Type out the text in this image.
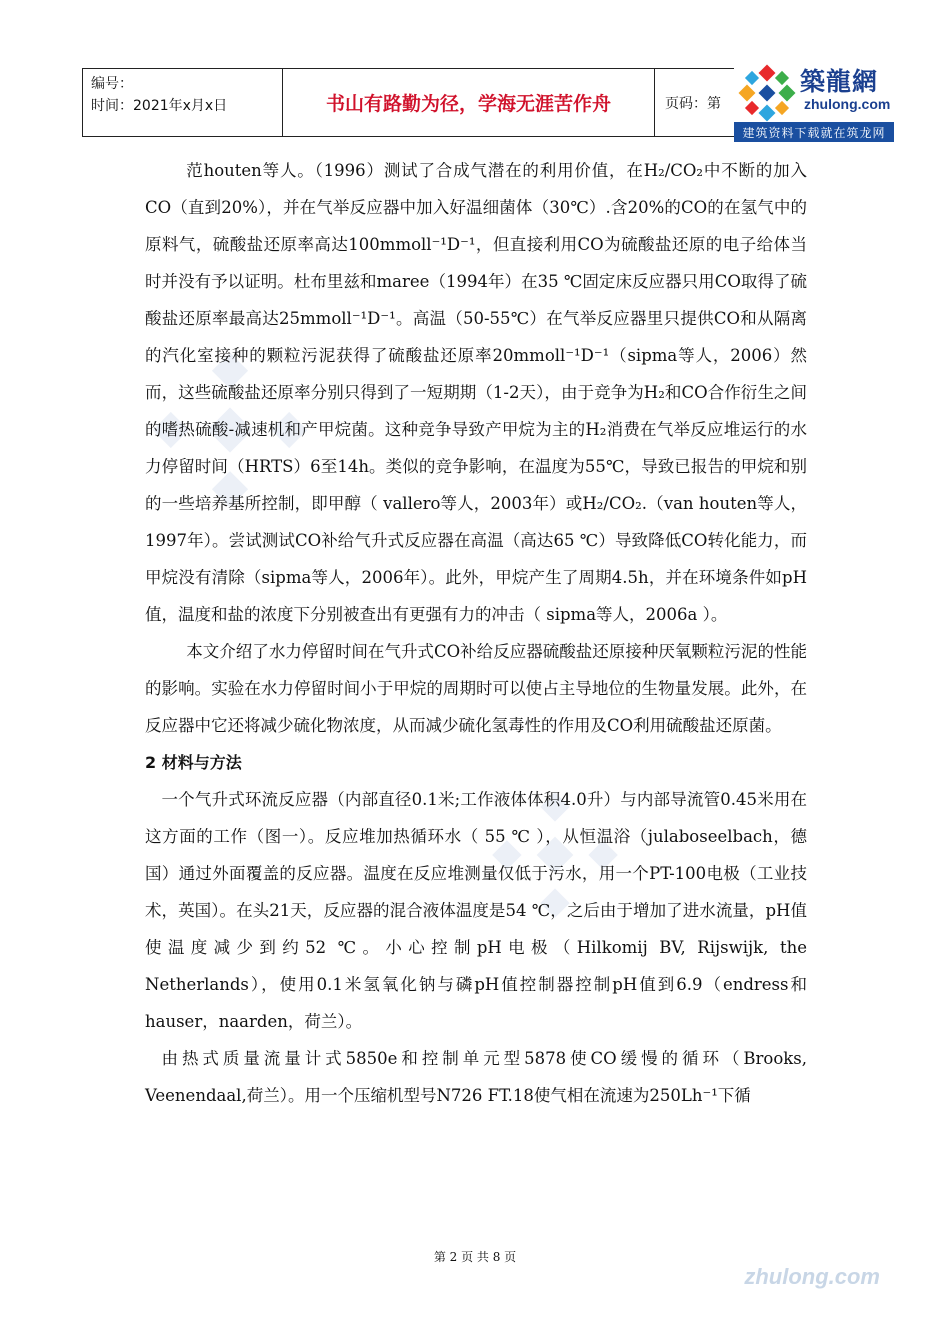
编号：
时间：2021年x月x日	书山有路勤为径，学海无涯苦作舟	页码：第
築龍網
zhulong.com
建筑资料下载就在筑龙网

范houten等人。（1996）测试了合成气潜在的利用价值，在H₂/CO₂中不断的加入CO（直到20%），并在气举反应器中加入好温细菌体（30℃）.含20%的CO的在氢气中的原料气，硫酸盐还原率高达100mmoll⁻¹D⁻¹，但直接利用CO为硫酸盐还原的电子给体当时并没有予以证明。杜布里兹和maree（1994年）在35 ℃固定床反应器只用CO取得了硫酸盐还原率最高达25mmoll⁻¹D⁻¹。高温（50-55℃）在气举反应器里只提供CO和从隔离的汽化室接种的颗粒污泥获得了硫酸盐还原率20mmoll⁻¹D⁻¹（sipma等人，2006）然而，这些硫酸盐还原率分别只得到了一短期期（1-2天），由于竞争为H₂和CO合作衍生之间的嗜热硫酸-减速机和产甲烷菌。这种竞争导致产甲烷为主的H₂消费在气举反应堆运行的水力停留时间（HRTS）6至14h。类似的竞争影响，在温度为55℃，导致已报告的甲烷和别的一些培养基所控制，即甲醇（ vallero等人，2003年）或H₂/CO₂.（van houten等人，1997年）。尝试测试CO补给气升式反应器在高温（高达65 ℃）导致降低CO转化能力，而甲烷没有清除（sipma等人，2006年）。此外，甲烷产生了周期4.5h，并在环境条件如pH值，温度和盐的浓度下分别被查出有更强有力的冲击（ sipma等人，2006a ）。

本文介绍了水力停留时间在气升式CO补给反应器硫酸盐还原接种厌氧颗粒污泥的性能的影响。实验在水力停留时间小于甲烷的周期时可以使占主导地位的生物量发展。此外，在反应器中它还将减少硫化物浓度，从而减少硫化氢毒性的作用及CO利用硫酸盐还原菌。

2 材料与方法

一个气升式环流反应器（内部直径0.1米;工作液体体积4.0升）与内部导流管0.45米用在这方面的工作（图一）。反应堆加热循环水（ 55 ℃ ），从恒温浴（julaboseelbach，德国）通过外面覆盖的反应器。温度在反应堆测量仅低于污水，用一个PT-100电极（工业技术，英国）。在头21天，反应器的混合液体温度是54 ℃，之后由于增加了进水流量，pH值使温度减少到约52 ℃。小心控制pH电极（Hilkomij BV, Rijswijk, the Netherlands），使用0.1米氢氧化钠与磷pH值控制器控制pH值到6.9（endress和hauser，naarden，荷兰）。

由热式质量流量计式5850e和控制单元型5878使CO缓慢的循环（Brooks, Veenendaal,荷兰）。用一个压缩机型号N726 FT.18使气相在流速为250Lh⁻¹下循

第 2 页 共 8 页
zhulong.com
